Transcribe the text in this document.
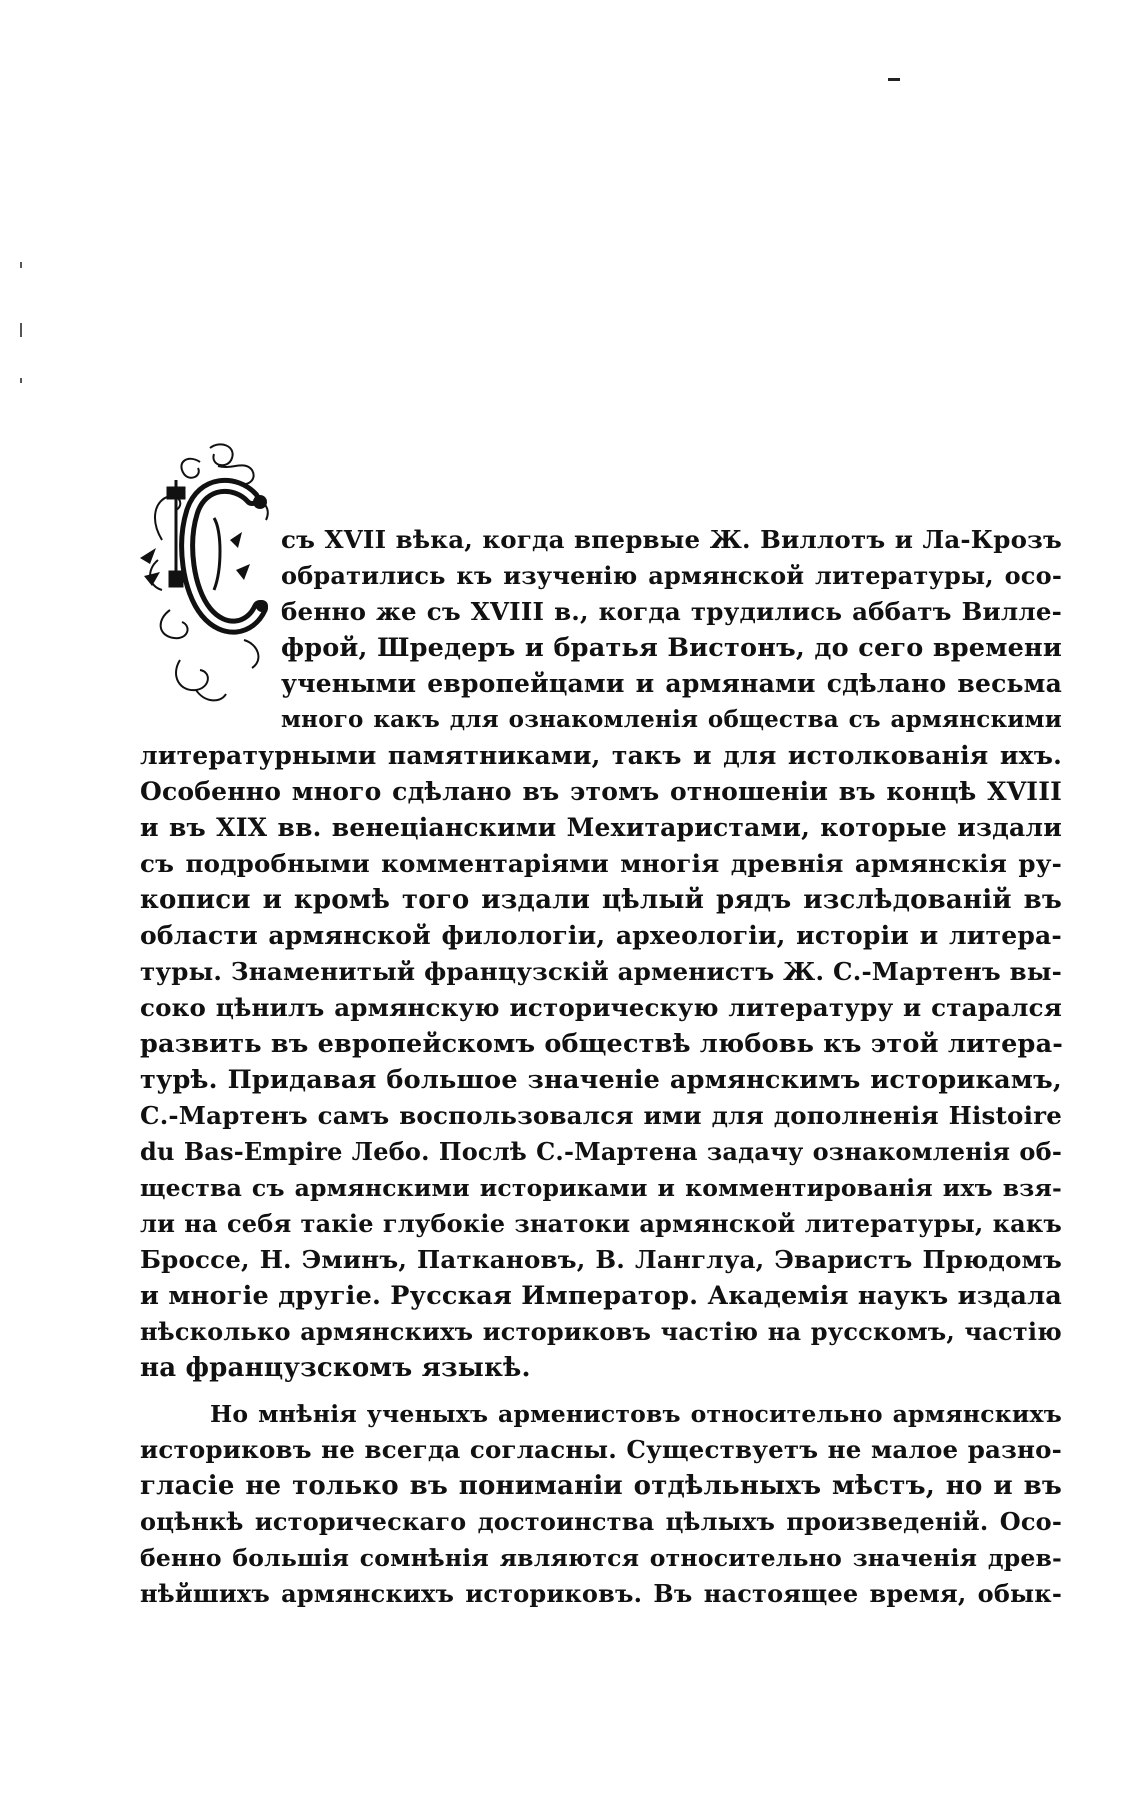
съ XVII вѣка, когда впервые Ж. Виллотъ и Ла-Крозъ
обратились къ изученію армянской литературы, осо-
бенно же съ XVIII в., когда трудились аббатъ Вилле-
фрой, Шредеръ и братья Вистонъ, до сего времени
учеными европейцами и армянами сдѣлано весьма
много какъ для ознакомленія общества съ армянскими
литературными памятниками, такъ и для истолкованія ихъ.
Особенно много сдѣлано въ этомъ отношеніи въ концѣ XVIII
и въ XIX вв. венеціанскими Мехитаристами, которые издали
съ подробными комментаріями многія древнія армянскія ру-
кописи и кромѣ того издали цѣлый рядъ изслѣдованій въ
области армянской филологіи, археологіи, исторіи и литера-
туры. Знаменитый французскій арменистъ Ж. С.-Мартенъ вы-
соко цѣнилъ армянскую историческую литературу и старался
развить въ европейскомъ обществѣ любовь къ этой литера-
турѣ. Придавая большое значеніе армянскимъ историкамъ,
С.-Мартенъ самъ воспользовался ими для дополненія Histoire
du Bas-Empire Лебо. Послѣ С.-Мартена задачу ознакомленія об-
щества съ армянскими историками и комментированія ихъ взя-
ли на себя такіе глубокіе знатоки армянской литературы, какъ
Броссе, Н. Эминъ, Паткановъ, В. Ланглуа, Эваристъ Прюдомъ
и многіе другіе. Русская Император. Академія наукъ издала
нѣсколько армянскихъ историковъ частію на русскомъ, частію
на французскомъ языкѣ.
Но мнѣнія ученыхъ арменистовъ относительно армянскихъ
историковъ не всегда согласны. Существуетъ не малое разно-
гласіе не только въ пониманіи отдѣльныхъ мѣстъ, но и въ
оцѣнкѣ историческаго достоинства цѣлыхъ произведеній. Осо-
бенно большія сомнѣнія являются относительно значенія древ-
нѣйшихъ армянскихъ историковъ. Въ настоящее время, обык-
